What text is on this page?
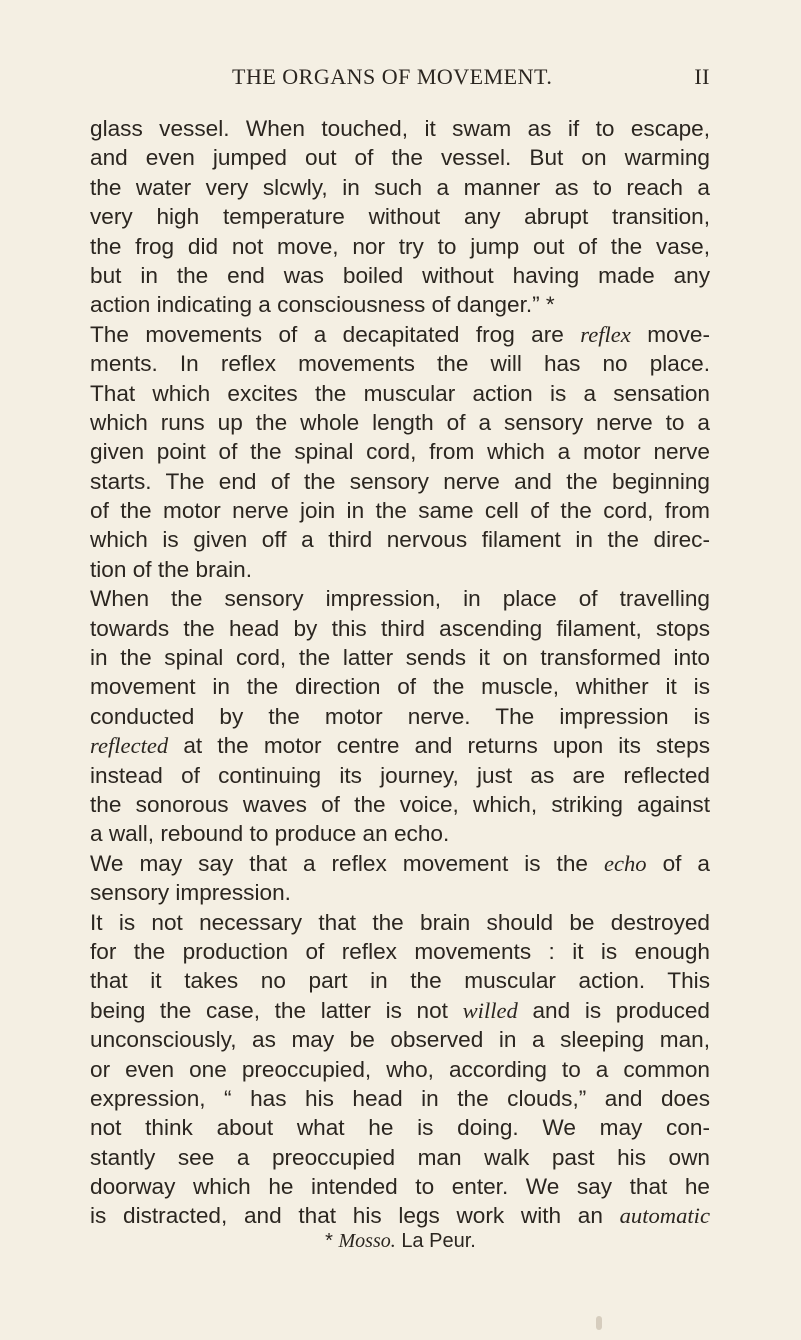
THE ORGANS OF MOVEMENT.	II
glass vessel. When touched, it swam as if to escape,
and even jumped out of the vessel. But on warming
the water very slcwly, in such a manner as to reach a
very high temperature without any abrupt transition,
the frog did not move, nor try to jump out of the vase,
but in the end was boiled without having made any
action indicating a consciousness of danger.” *
The movements of a decapitated frog are reflex move-
ments. In reflex movements the will has no place.
That which excites the muscular action is a sensation
which runs up the whole length of a sensory nerve to a
given point of the spinal cord, from which a motor nerve
starts. The end of the sensory nerve and the beginning
of the motor nerve join in the same cell of the cord, from
which is given off a third nervous filament in the direc-
tion of the brain.
When the sensory impression, in place of travelling
towards the head by this third ascending filament, stops
in the spinal cord, the latter sends it on transformed into
movement in the direction of the muscle, whither it is
conducted by the motor nerve. The impression is
reflected at the motor centre and returns upon its steps
instead of continuing its journey, just as are reflected
the sonorous waves of the voice, which, striking against
a wall, rebound to produce an echo.
We may say that a reflex movement is the echo of a
sensory impression.
It is not necessary that the brain should be destroyed
for the production of reflex movements : it is enough
that it takes no part in the muscular action. This
being the case, the latter is not willed and is produced
unconsciously, as may be observed in a sleeping man,
or even one preoccupied, who, according to a common
expression, “ has his head in the clouds,” and does
not think about what he is doing. We may con-
stantly see a preoccupied man walk past his own
doorway which he intended to enter. We say that he
is distracted, and that his legs work with an automatic
* Mosso. La Peur.
